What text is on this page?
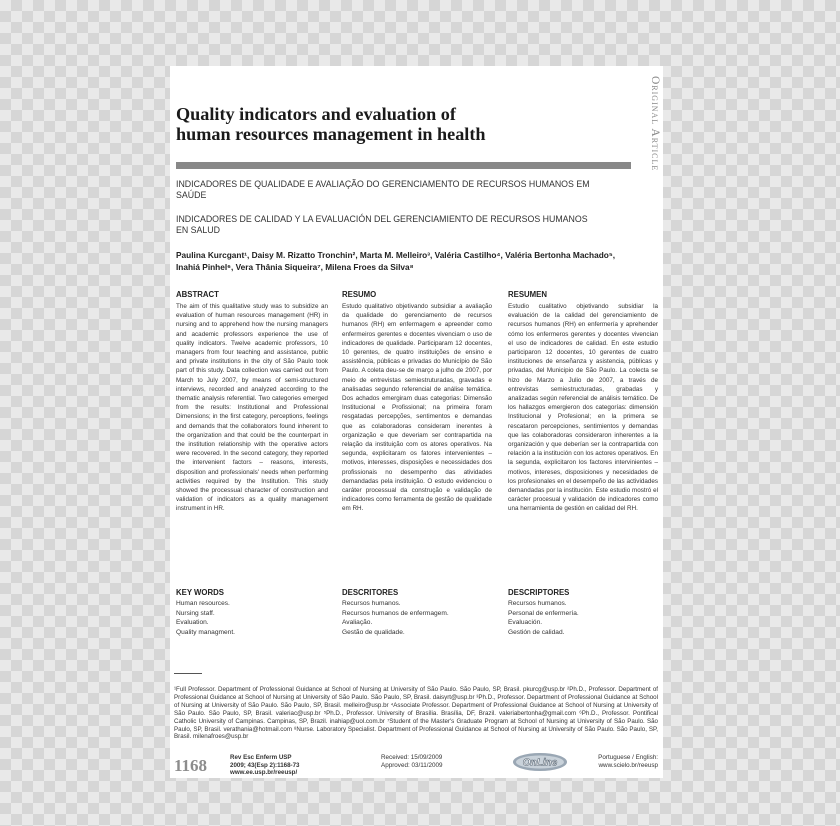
Original Article
Quality indicators and evaluation of
human resources management in health
INDICADORES DE QUALIDADE E AVALIAÇÃO DO GERENCIAMENTO DE RECURSOS HUMANOS EM SAÚDE
INDICADORES DE CALIDAD Y LA EVALUACIÓN DEL GERENCIAMIENTO DE RECURSOS HUMANOS EN SALUD
Paulina Kurcgant¹, Daisy M. Rizatto Tronchin², Marta M. Melleiro³, Valéria Castilho⁴, Valéria Bertonha Machado⁵, Inahiá Pinhel⁶, Vera Thânia Siqueira⁷, Milena Froes da Silva⁸
ABSTRACT

The aim of this qualitative study was to subsidize an evaluation of human resources management (HR) in nursing and to apprehend how the nursing managers and academic professors experience the use of quality indicators. Twelve academic professors, 10 managers from four teaching and assistance, public and private institutions in the city of São Paulo took part of this study. Data collection was carried out from March to July 2007, by means of semi-structured interviews, recorded and analyzed according to the thematic analysis referential. Two categories emerged from the results: Institutional and Professional Dimensions; in the first category, perceptions, feelings and demands that the collaborators found inherent to the organization and that could be the counterpart in the institution relationship with the operative actors were recovered. In the second category, they reported the intervenient factors – reasons, interests, disposition and professionals' needs when performing activities required by the Institution. This study showed the processual character of construction and validation of indicators as a quality management instrument in HR.

RESUMO

Estudo qualitativo objetivando subsidiar a avaliação da qualidade do gerenciamento de recursos humanos (RH) em enfermagem e apreender como enfermeiros gerentes e docentes vivenciam o uso de indicadores de qualidade. Participaram 12 docentes, 10 gerentes, de quatro instituições de ensino e assistência, públicas e privadas do Município de São Paulo. A coleta deu-se de março a julho de 2007, por meio de entrevistas semiestruturadas, gravadas e analisadas segundo referencial de análise temática. Dos achados emergiram duas categorias: Dimensão Institucional e Profissional; na primeira foram resgatadas percepções, sentimentos e demandas que as colaboradoras consideram inerentes à organização e que deveriam ser contrapartida na relação da instituição com os atores operativos. Na segunda, explicitaram os fatores intervenientes – motivos, interesses, disposições e necessidades dos profissionais no desempenho das atividades demandadas pela instituição. O estudo evidenciou o caráter processual da construção e validação de indicadores como ferramenta de gestão de qualidade em RH.

RESUMEN

Estudio cualitativo objetivando subsidiar la evaluación de la calidad del gerenciamiento de recursos humanos (RH) en enfermería y aprehender cómo los enfermeros gerentes y docentes vivencian el uso de indicadores de calidad. En este estudio participaron 12 docentes, 10 gerentes de cuatro instituciones de enseñanza y asistencia, públicas y privadas, del Municipio de São Paulo. La colecta se hizo de Marzo a Julio de 2007, a través de entrevistas semiestructuradas, grabadas y analizadas según referencial de análisis temático. De los hallazgos emergieron dos categorías: dimensión Institucional y Profesional; en la primera se rescataron percepciones, sentimientos y demandas que las colaboradoras consideraron inherentes a la organización y que deberían ser la contrapartida con relación a la institución con los actores operativos. En la segunda, explicitaron los factores intervinientes – motivos, intereses, disposiciones y necesidades de los profesionales en el desempeño de las actividades demandadas por la institución. Este estudio mostró el carácter procesual y validación de indicadores como una herramienta de gestión en calidad del RH.

KEY WORDS
Human resources.
Nursing staff.
Evaluation.
Quality managment.
DESCRITORES
Recursos humanos.
Recursos humanos de enfermagem.
Avaliação.
Gestão de qualidade.
DESCRIPTORES
Recursos humanos.
Personal de enfermería.
Evaluación.
Gestión de calidad.
¹Full Professor. Department of Professional Guidance at School of Nursing at University of São Paulo. São Paulo, SP, Brasil. pkurcg@usp.br ²Ph.D., Professor. Department of Professional Guidance at School of Nursing at University of São Paulo. São Paulo, SP, Brasil. daisyrt@usp.br ³Ph.D., Professor. Department of Professional Guidance at School of Nursing at University of São Paulo. São Paulo, SP, Brasil. melleiro@usp.br ⁴Associate Professor. Department of Professional Guidance at School of Nursing at University of São Paulo. São Paulo, SP, Brasil. valeriac@usp.br ⁵Ph.D., Professor. University of Brasília. Brasília, DF, Brazil. valeriabertonha@gmail.com ⁶Ph.D., Professor. Pontifical Catholic University of Campinas. Campinas, SP, Brazil. inahiap@uol.com.br ⁷Student of the Master's Graduate Program at School of Nursing at University of São Paulo. São Paulo, SP, Brasil. verathania@hotmail.com ⁸Nurse. Laboratory Specialist. Department of Professional Guidance at School of Nursing at University of São Paulo. São Paulo, SP, Brasil. milenafroes@usp.br
1168	Rev Esc Enferm USP
2009; 43(Esp 2):1168-73
www.ee.usp.br/reeusp/
Received: 15/09/2009
Approved: 03/11/2009	OnLine	Portuguese / English:
www.scielo.br/reeusp
